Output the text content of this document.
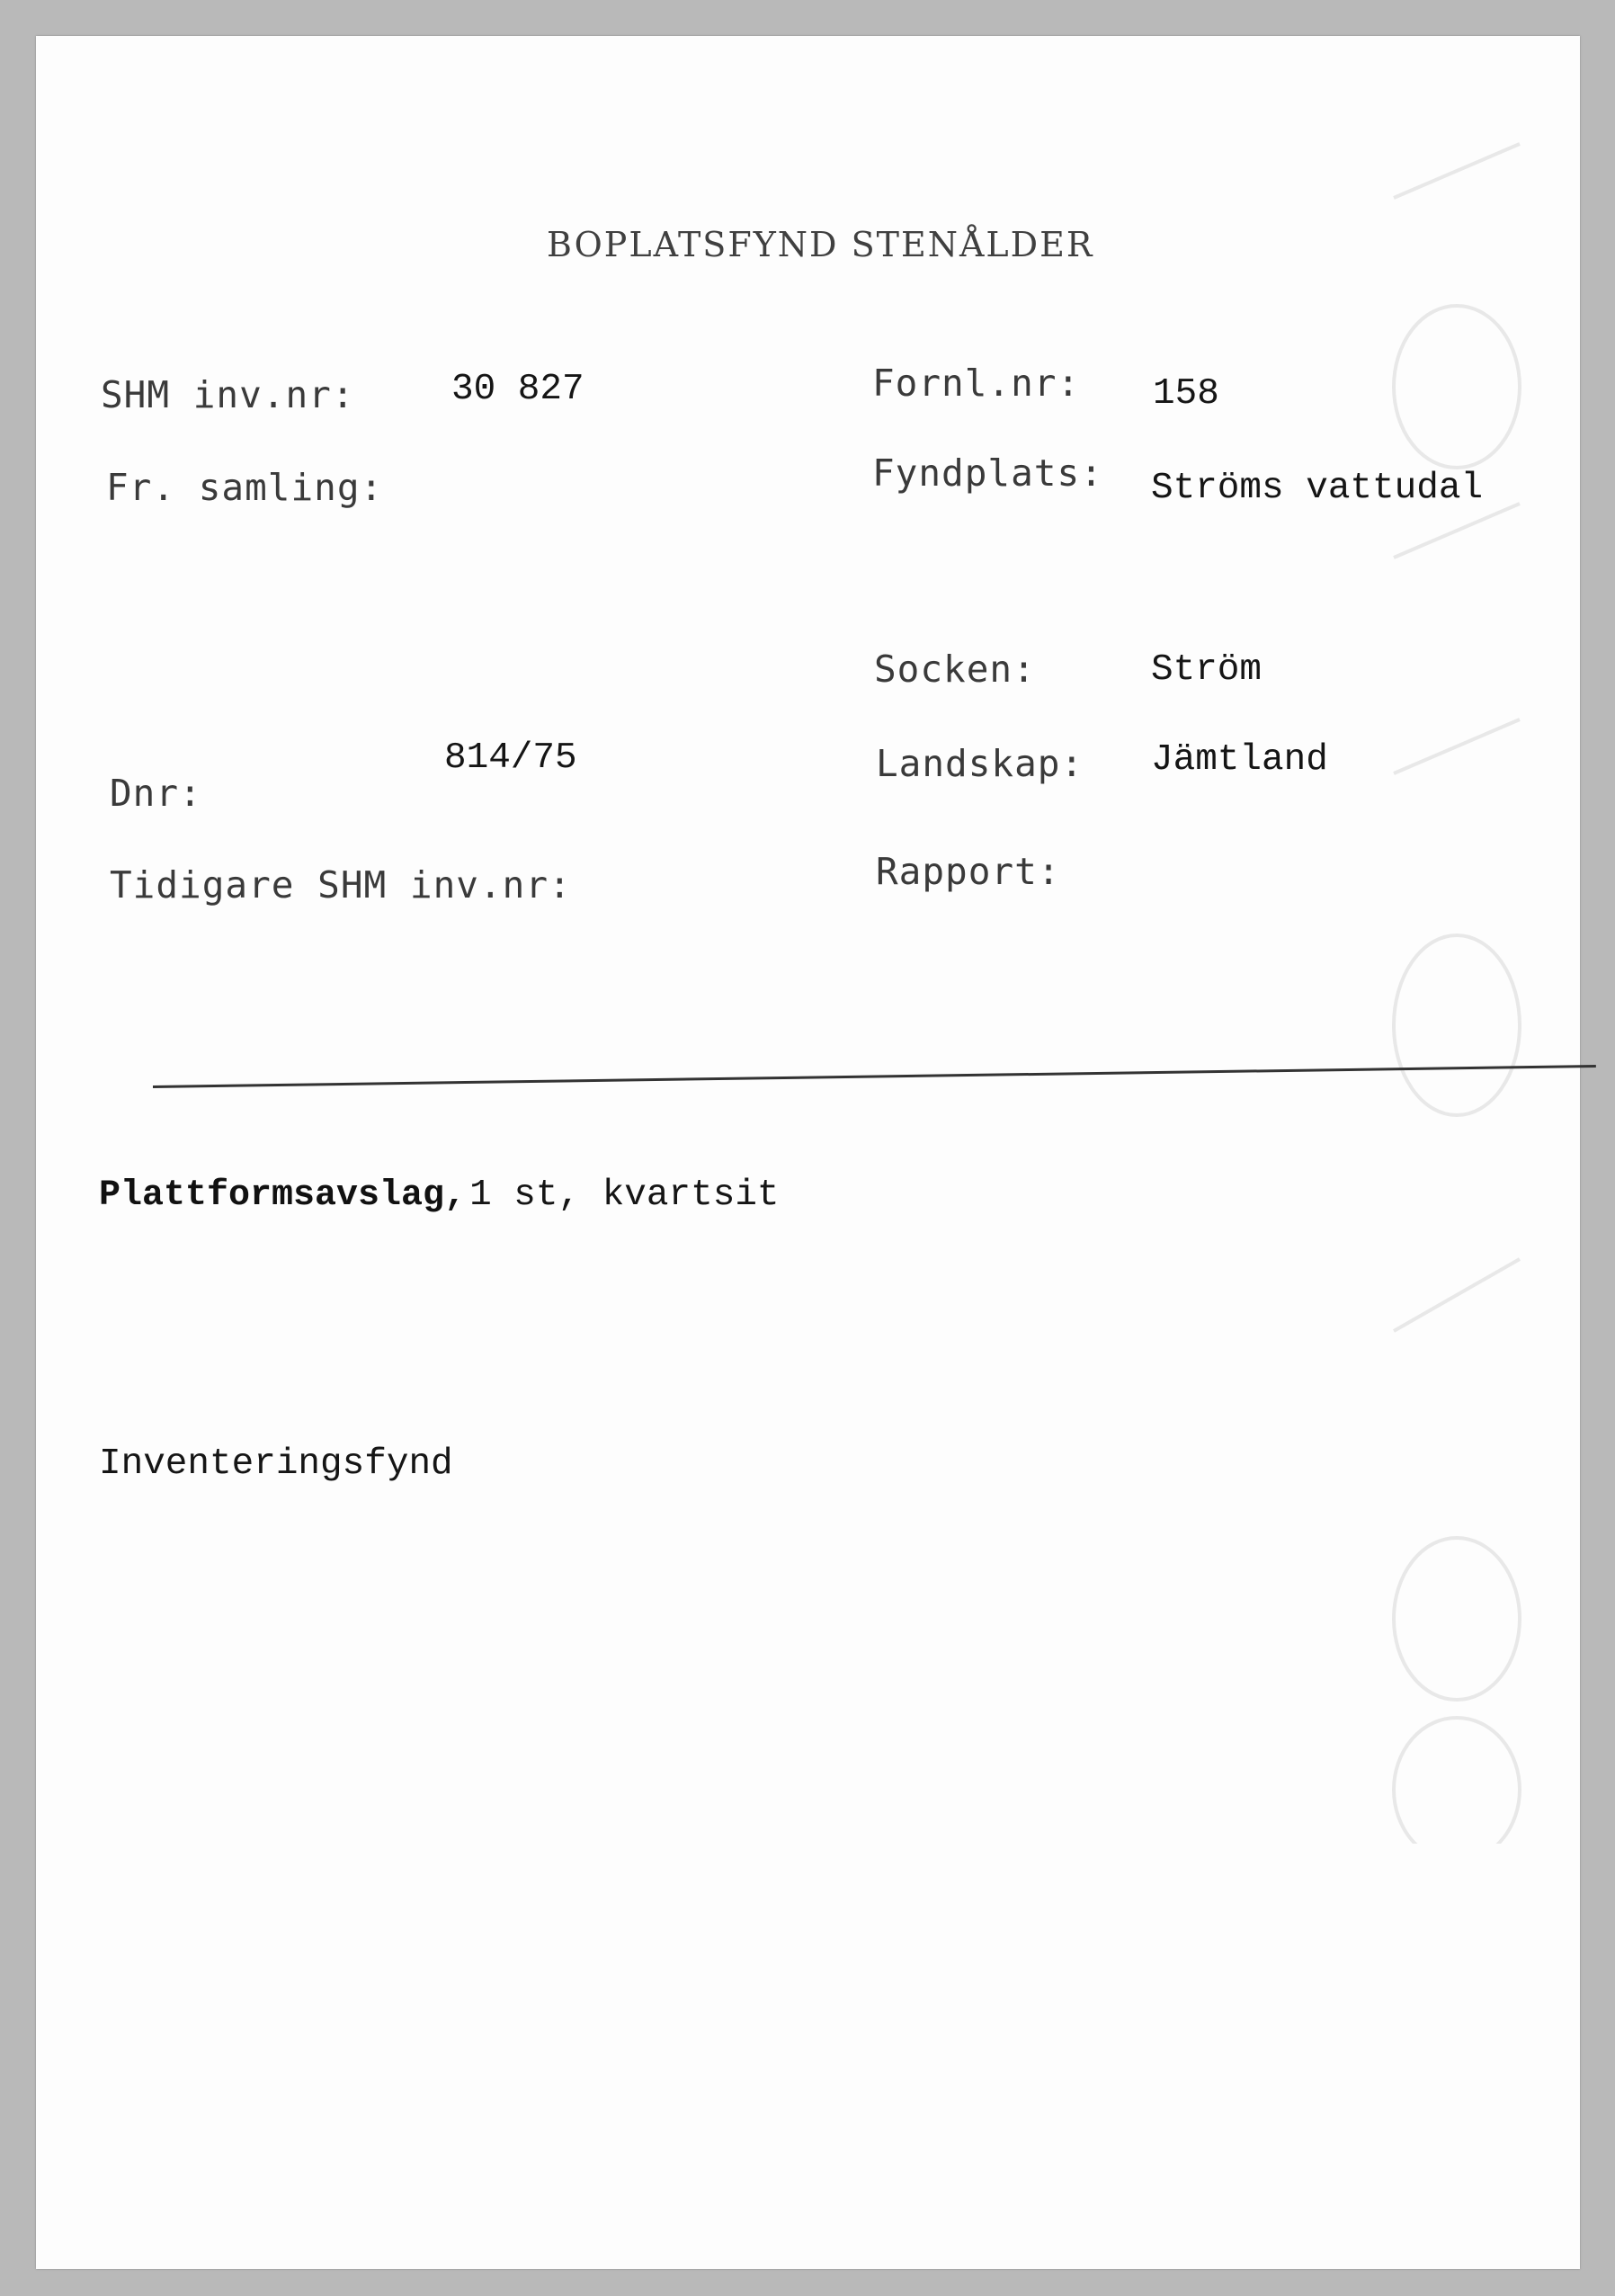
BOPLATSFYND STENÅLDER
SHM inv.nr:	30 827
Fr. samling:
Dnr:
814/75
Tidigare SHM inv.nr:
Fornl.nr: 158
Fyndplats: Ströms vattudal
Socken:	Ström
Landskap: Jämtland
Rapport:
Plattformsavslag, 1 st, kvartsit
Inventeringsfynd
